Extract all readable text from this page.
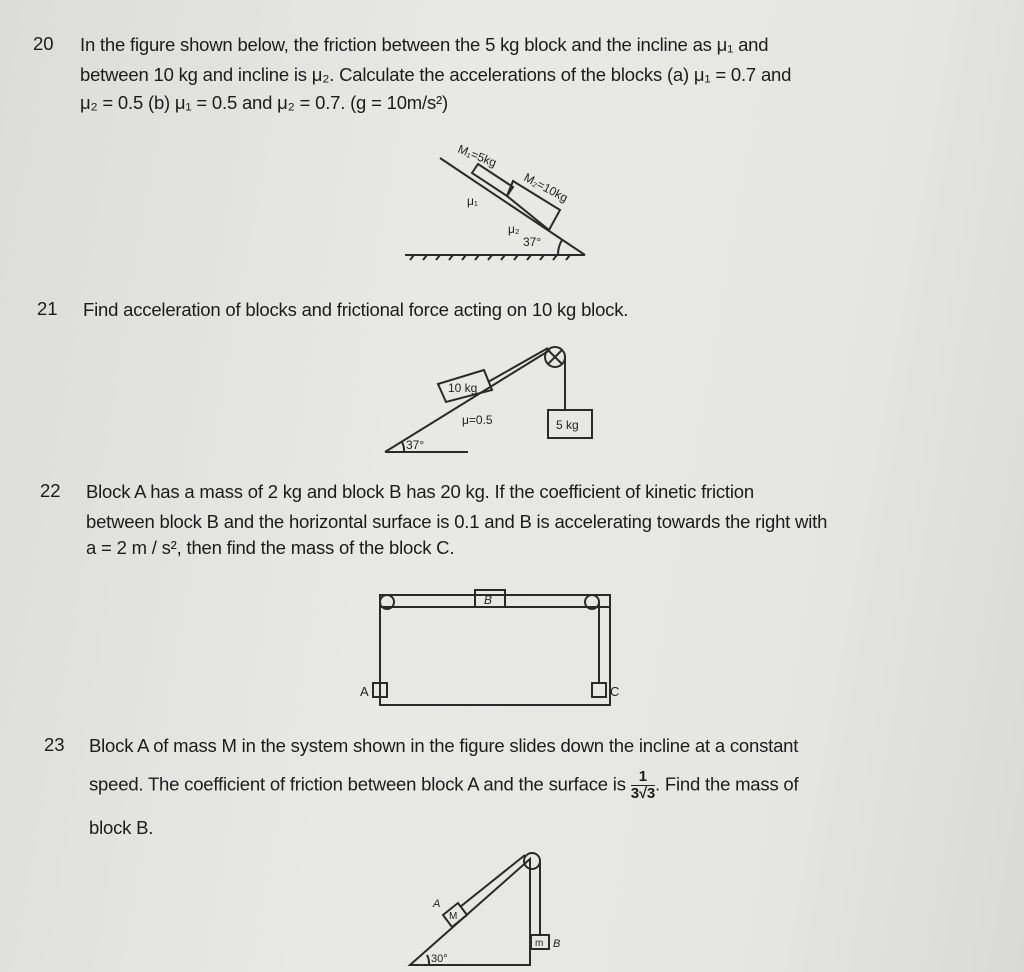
20 In the figure shown below, the friction between the 5 kg block and the incline as μ₁ and
between 10 kg and incline is μ₂. Calculate the accelerations of the blocks (a) μ₁ = 0.7 and
μ₂ = 0.5 (b) μ₁ = 0.5 and μ₂ = 0.7. (g = 10m/s²)
M₁=5kg
M₂=10kg
μ₁
μ₂
37°
21 Find acceleration of blocks and frictional force acting on 10 kg block.
10 kg
μ=0.5	5 kg
37°
22 Block A has a mass of 2 kg and block B has 20 kg. If the coefficient of kinetic friction
between block B and the horizontal surface is 0.1 and B is accelerating towards the right with
a = 2 m / s², then find the mass of the block C.
B
A	C
23 Block A of mass M in the system shown in the figure slides down the incline at a constant
speed. The coefficient of friction between block A and the surface is $\frac{1}{3√3}$ . Find the mass of
block B.
M
A
m B
30°
